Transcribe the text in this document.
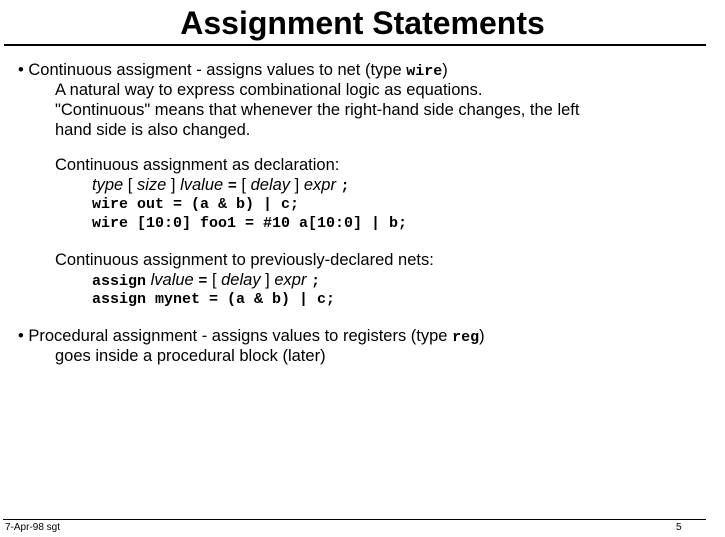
Assignment Statements
• Continuous assigment - assigns values to net (type wire)
A natural way to express combinational logic as equations.
"Continuous" means that whenever the right-hand side changes, the left
hand side is also changed.
Continuous assignment as declaration:
type [ size ] lvalue = [ delay ] expr ;
wire out = (a & b) | c;
wire [10:0] foo1 = #10 a[10:0] | b;
Continuous assignment to previously-declared nets:
assign lvalue = [ delay ] expr ;
assign mynet = (a & b) | c;
• Procedural assignment - assigns values to registers (type reg)
goes inside a procedural block (later)
7-Apr-98 sgt	5
